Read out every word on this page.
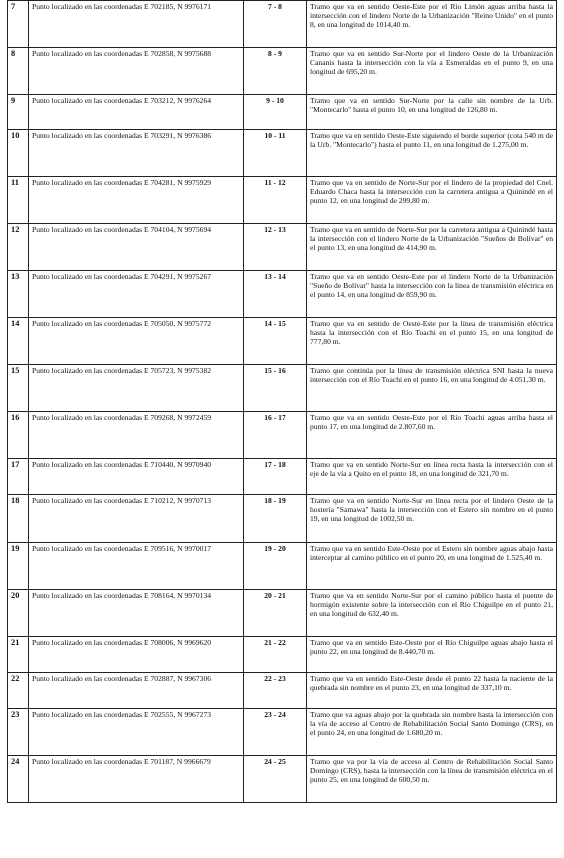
7	Punto localizado en las coordenadas E 702185, N 9976171	7 - 8	Tramo que va en sentido Oeste-Este por el Río Limón aguas arriba hasta la intersección con el lindero Norte de la Urbanización "Reino Unido" en el punto 8, en una longitud de 1014,40 m.
8	Punto localizado en las coordenadas E 702858, N 9975688	8 - 9	Tramo que va en sentido Sur-Norte por el lindero Oeste de la Urbanización Cananis hasta la intersección con la vía a Esmeraldas en el punto 9, en una longitud de 695,20 m.
9	Punto localizado en las coordenadas E 703212, N 9976264	9 - 10	Tramo que va en sentido Sur-Norte por la calle sin nombre de la Urb. "Montecarlo" hasta el punto 10, en una longitud de 126,80 m.
10	Punto localizado en las coordenadas E 703291, N 9976386	10 - 11	Tramo que va en sentido Oeste-Este siguiendo el borde superior (cota 540 m de la Urb. "Montecarlo") hasta el punto 11, en una longitud de 1.275,00 m.
11	Punto localizado en las coordenadas E 704281, N 9975929	11 - 12	Tramo que va en sentido de Norte-Sur por el lindero de la propiedad del Cnel. Eduardo Chaca hasta la intersección con la carretera antigua a Quinindé en el punto 12, en una longitud de 299,80 m.
12	Punto localizado en las coordenadas E 704104, N 9975694	12 - 13	Tramo que va en sentido de Norte-Sur por la carretera antigua a Quinindé hasta la intersección con el lindero Norte de la Urbanización "Sueños de Bolívar" en el punto 13, en una longitud de 414,90 m.
13	Punto localizado en las coordenadas E 704291, N 9975267	13 - 14	Tramo que va en sentido Oeste-Este por el lindero Norte de la Urbanización "Sueño de Bolívar" hasta la intersección con la línea de transmisión eléctrica en el punto 14, en una longitud de 859,90 m.
14	Punto localizado en las coordenadas E 705050, N 9975772	14 - 15	Tramo que va en sentido de Oeste-Este por la línea de transmisión eléctrica hasta la intersección con el Río Toachi en el punto 15, en una longitud de 777,80 m.
15	Punto localizado en las coordenadas E 705723, N 9975382	15 - 16	Tramo que continúa por la línea de transmisión eléctrica SNI hasta la nueva intersección con el Río Toachi en el punto 16, en una longitud de 4.051,30 m.
16	Punto localizado en las coordenadas E 709268, N 9972459	16 - 17	Tramo que va en sentido Oeste-Este por el Río Toachi aguas arriba hasta el punto 17, en una longitud de 2.807,60 m.
17	Punto localizado en las coordenadas E 710440, N 9970940	17 - 18	Tramo que va en sentido Norte-Sur en línea recta hasta la intersección con el eje de la vía a Quito en el punto 18, en una longitud de 321,70 m.
18	Punto localizado en las coordenadas E 710212, N 9970713	18 - 19	Tramo que va en sentido Norte-Sur en línea recta por el lindero Oeste de la hostería "Samawa" hasta la intersección con el Estero sin nombre en el punto 19, en una longitud de 1002,50 m.
19	Punto localizado en las coordenadas E 709516, N 9970017	19 - 20	Tramo que va en sentido Este-Oeste por el Estero sin nombre aguas abajo hasta interceptar al camino público en el punto 20, en una longitud de 1.525,40 m.
20	Punto localizado en las coordenadas E 708164, N 9970134	20 - 21	Tramo que va en sentido Norte-Sur por el camino público hasta el puente de hormigón existente sobre la intersección con el Río Chiguilpe en el punto 21, en una longitud de 632,40 m.
21	Punto localizado en las coordenadas E 708006, N 9969620	21 - 22	Tramo que va en sentido Este-Oeste por el Río Chiguilpe aguas abajo hasta el punto 22, en una longitud de 8.440,70 m.
22	Punto localizado en las coordenadas E 702887, N 9967306	22 - 23	Tramo que va en sentido Este-Oeste desde el punto 22 hasta la naciente de la quebrada sin nombre en el punto 23, en una longitud de 337,10 m.
23	Punto localizado en las coordenadas E 702555, N 9967273	23 - 24	Tramo que va aguas abajo por la quebrada sin nombre hasta la intersección con la vía de acceso al Centro de Rehabilitación Social Santo Domingo (CRS), en el punto 24, en una longitud de 1.680,20 m.
24	Punto localizado en las coordenadas E 701187, N 9966679	24 - 25	Tramo que va por la vía de acceso al Centro de Rehabilitación Social Santo Domingo (CRS), hasta la intersección con la línea de transmisión eléctrica en el punto 25, en una longitud de 600,50 m.
